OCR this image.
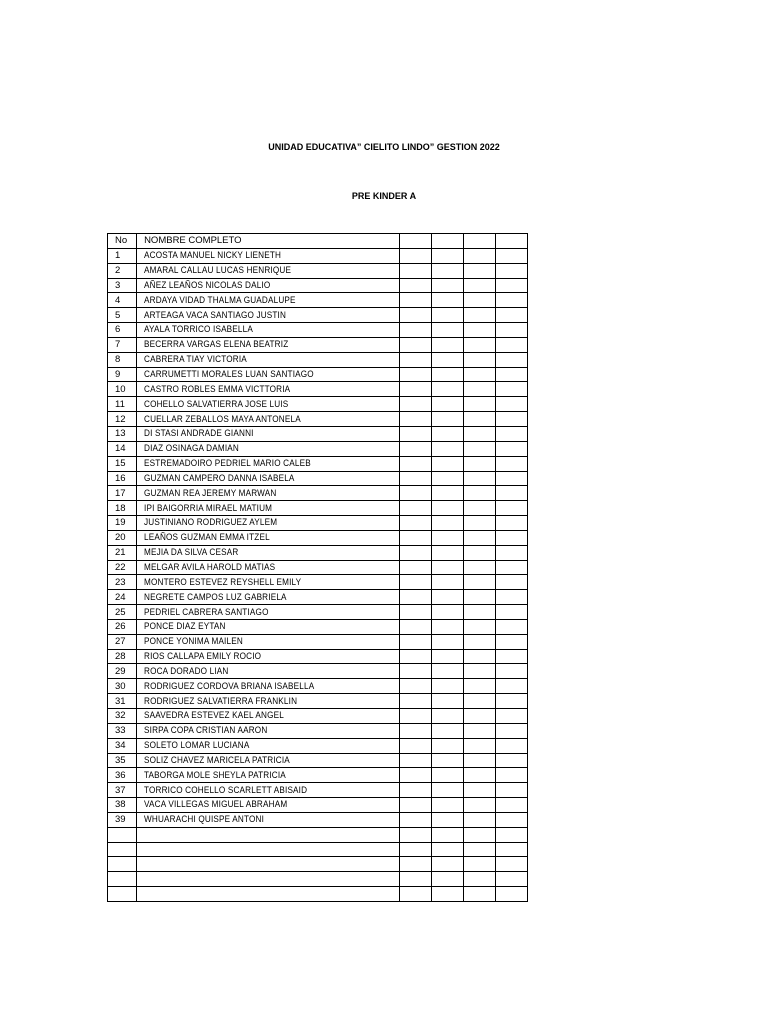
UNIDAD EDUCATIVA” CIELITO LINDO” GESTION 2022
PRE KINDER A
No	NOMBRE COMPLETO				
1	ACOSTA MANUEL NICKY LIENETH				
2	AMARAL CALLAU LUCAS HENRIQUE				
3	AÑEZ LEAÑOS NICOLAS DALIO				
4	ARDAYA VIDAD THALMA GUADALUPE				
5	ARTEAGA VACA SANTIAGO JUSTIN				
6	AYALA TORRICO ISABELLA				
7	BECERRA VARGAS ELENA BEATRIZ				
8	CABRERA TIAY VICTORIA				
9	CARRUMETTI MORALES LUAN SANTIAGO				
10	CASTRO ROBLES EMMA VICTTORIA				
11	COHELLO SALVATIERRA JOSE LUIS				
12	CUELLAR ZEBALLOS MAYA ANTONELA				
13	DI STASI ANDRADE GIANNI				
14	DIAZ OSINAGA DAMIAN				
15	ESTREMADOIRO PEDRIEL MARIO CALEB				
16	GUZMAN CAMPERO DANNA ISABELA				
17	GUZMAN REA JEREMY MARWAN				
18	IPI BAIGORRIA MIRAEL MATIUM				
19	JUSTINIANO RODRIGUEZ AYLEM				
20	LEAÑOS GUZMAN EMMA ITZEL				
21	MEJIA DA SILVA CESAR				
22	MELGAR AVILA HAROLD MATIAS				
23	MONTERO ESTEVEZ REYSHELL EMILY				
24	NEGRETE CAMPOS LUZ GABRIELA				
25	PEDRIEL CABRERA SANTIAGO				
26	PONCE DIAZ EYTAN				
27	PONCE YONIMA MAILEN				
28	RIOS CALLAPA EMILY ROCIO				
29	ROCA DORADO LIAN				
30	RODRIGUEZ CORDOVA BRIANA ISABELLA				
31	RODRIGUEZ SALVATIERRA FRANKLIN				
32	SAAVEDRA ESTEVEZ KAEL ANGEL				
33	SIRPA COPA CRISTIAN AARON				
34	SOLETO LOMAR LUCIANA				
35	SOLIZ CHAVEZ MARICELA PATRICIA				
36	TABORGA MOLE SHEYLA PATRICIA				
37	TORRICO COHELLO SCARLETT ABISAID				
38	VACA VILLEGAS MIGUEL ABRAHAM				
39	WHUARACHI QUISPE ANTONI				
